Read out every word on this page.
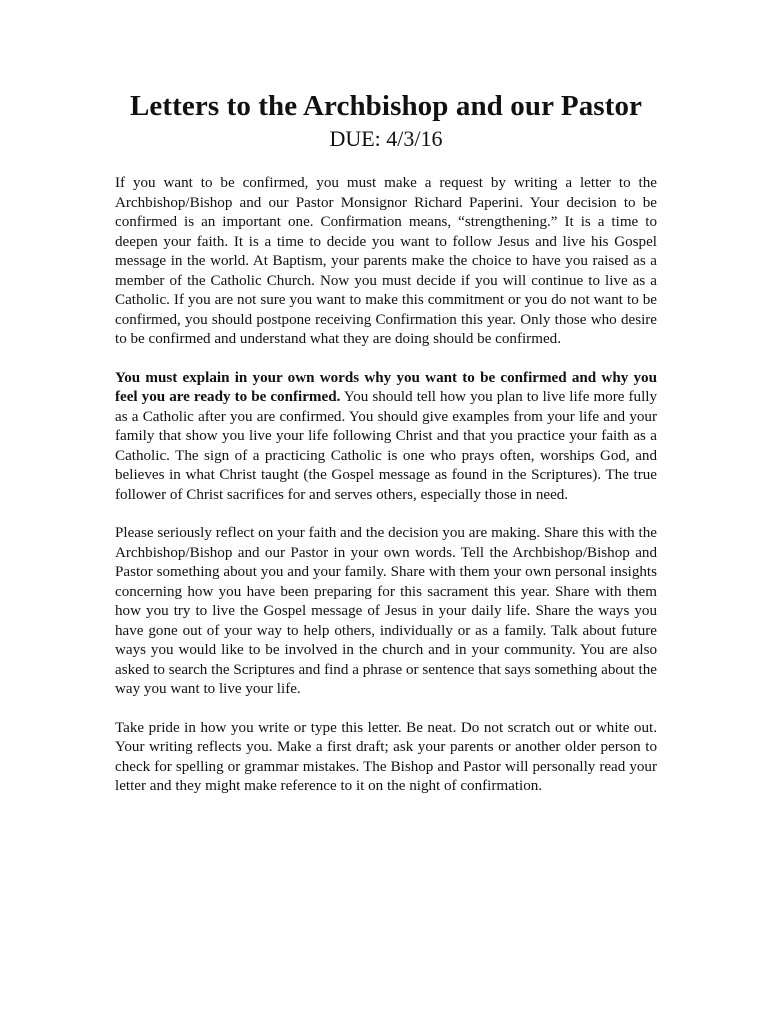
Letters to the Archbishop and our Pastor
DUE: 4/3/16

If you want to be confirmed, you must make a request by writing a letter to the Archbishop/Bishop and our Pastor Monsignor Richard Paperini. Your decision to be confirmed is an important one. Confirmation means, “strengthening.” It is a time to deepen your faith. It is a time to decide you want to follow Jesus and live his Gospel message in the world. At Baptism, your parents make the choice to have you raised as a member of the Catholic Church. Now you must decide if you will continue to live as a Catholic. If you are not sure you want to make this commitment or you do not want to be confirmed, you should postpone receiving Confirmation this year. Only those who desire to be confirmed and understand what they are doing should be confirmed.

You must explain in your own words why you want to be confirmed and why you feel you are ready to be confirmed. You should tell how you plan to live life more fully as a Catholic after you are confirmed. You should give examples from your life and your family that show you live your life following Christ and that you practice your faith as a Catholic. The sign of a practicing Catholic is one who prays often, worships God, and believes in what Christ taught (the Gospel message as found in the Scriptures). The true follower of Christ sacrifices for and serves others, especially those in need.

Please seriously reflect on your faith and the decision you are making. Share this with the Archbishop/Bishop and our Pastor in your own words. Tell the Archbishop/Bishop and Pastor something about you and your family. Share with them your own personal insights concerning how you have been preparing for this sacrament this year. Share with them how you try to live the Gospel message of Jesus in your daily life. Share the ways you have gone out of your way to help others, individually or as a family. Talk about future ways you would like to be involved in the church and in your community. You are also asked to search the Scriptures and find a phrase or sentence that says something about the way you want to live your life.

Take pride in how you write or type this letter. Be neat. Do not scratch out or white out. Your writing reflects you. Make a first draft; ask your parents or another older person to check for spelling or grammar mistakes. The Bishop and Pastor will personally read your letter and they might make reference to it on the night of confirmation.
